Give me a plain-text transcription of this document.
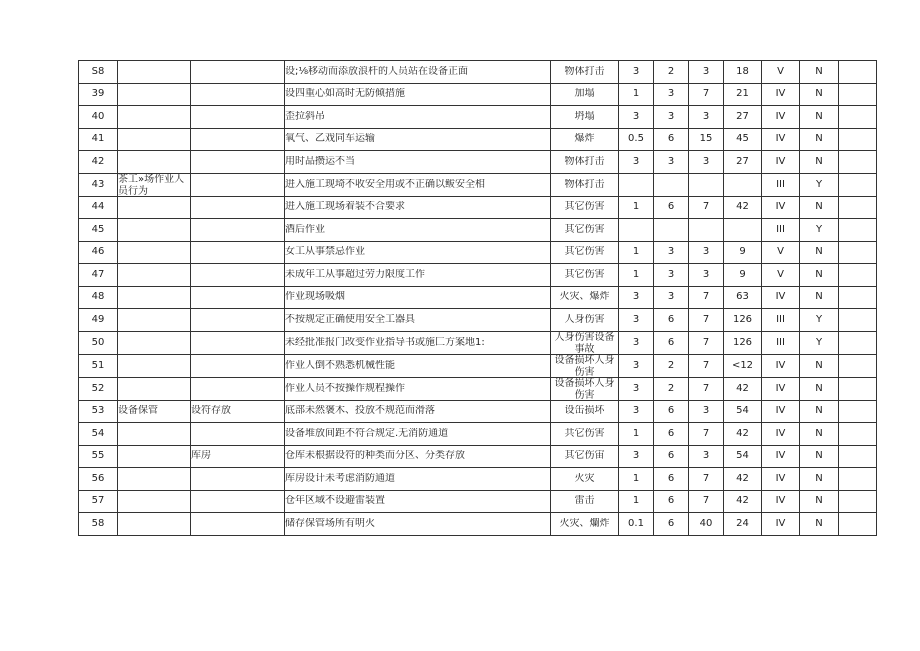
S8			设;⅛移动而添放浪杆的人员站在设备正面	物体打击	3	2	3	18	V	N	

39			设四重心如高时无防倾措施	加塌	1	3	7	21	IV	N	

40			歪拉斜吊	坍塌	3	3	3	27	IV	N	

41			氧气、乙戏同车运输	爆炸	0.5	6	15	45	IV	N	

42			用时品攒运不当	物体打击	3	3	3	27	IV	N	

43	茶工»场作业人员行为		进入施工现埼不收安全用或不正确以鲅安全相	物体打击					III	Y	

44			进入施工现场着装不合要求	其它伤害	1	6	7	42	IV	N	

45			酒后作业	其它伤害					III	Y	

46			女工从事禁忌作业	其它伤害	1	3	3	9	V	N	

47			未成年工从事超过劳力限度工作	其它伤害	1	3	3	9	V	N	

48			作业现场吸烟	火灾、爆炸	3	3	7	63	IV	N	

49			不按规定正确使用安全工器具	人身伤害	3	6	7	126	III	Y	

50			未经批准报门改变作业指导书或施匚方案地1:	人身伤害设备事故	3	6	7	126	III	Y	

51			作业人倒不熟悉机械性能	设备损坏人身伤害	3	2	7	<12	IV	N	

52			作业人员不按操作规程操作	设备损坏人身伤害	3	2	7	42	IV	N	

53	设备保管	设符存放	底部未然褒木、投放不规范而滑落	设缶损坏	3	6	3	54	IV	N	

54			设备堆放间距不符合规定.无消防通道	共它伤害	1	6	7	42	IV	N	

55		库房	仓库未根据设符的种类而分区、分类存放	其它伤宙	3	6	3	54	IV	N	

56			库房设计未考虑消防通道	火灾	1	6	7	42	IV	N	

57			仓年区域不设避雷装置	雷击	1	6	7	42	IV	N	

58			储存保管场所有明火	火灾、爛炸	0.1	6	40	24	IV	N	
